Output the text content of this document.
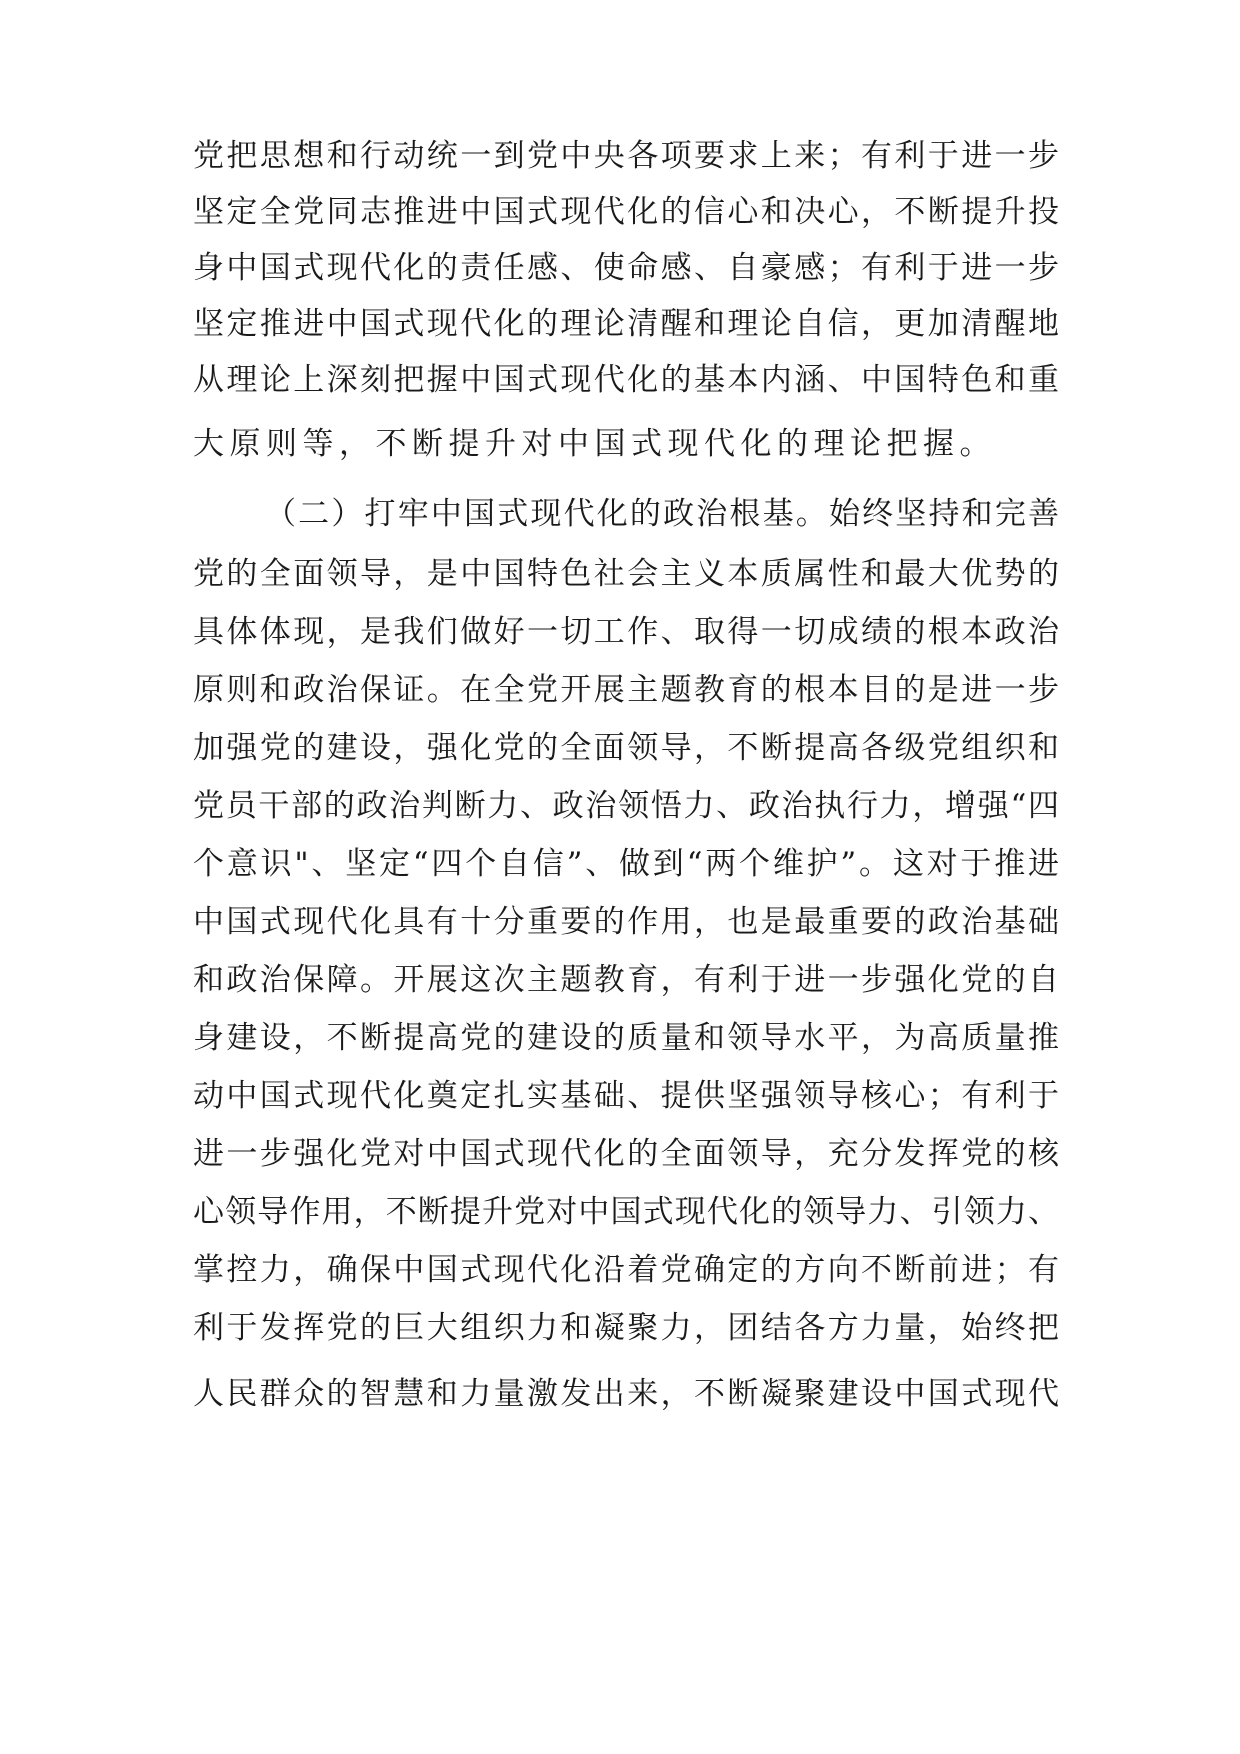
党把思想和行动统一到党中央各项要求上来；有利于进一步
坚定全党同志推进中国式现代化的信心和决心，不断提升投
身中国式现代化的责任感、使命感、自豪感；有利于进一步
坚定推进中国式现代化的理论清醒和理论自信，更加清醒地
从理论上深刻把握中国式现代化的基本内涵、中国特色和重
大原则等，不断提升对中国式现代化的理论把握。
（二）打牢中国式现代化的政治根基。始终坚持和完善
党的全面领导，是中国特色社会主义本质属性和最大优势的
具体体现，是我们做好一切工作、取得一切成绩的根本政治
原则和政治保证。在全党开展主题教育的根本目的是进一步
加强党的建设，强化党的全面领导，不断提高各级党组织和
党员干部的政治判断力、政治领悟力、政治执行力，增强“四
个意识"、坚定“四个自信”、做到“两个维护”。这对于推进
中国式现代化具有十分重要的作用，也是最重要的政治基础
和政治保障。开展这次主题教育，有利于进一步强化党的自
身建设，不断提高党的建设的质量和领导水平，为高质量推
动中国式现代化奠定扎实基础、提供坚强领导核心；有利于
进一步强化党对中国式现代化的全面领导，充分发挥党的核
心领导作用，不断提升党对中国式现代化的领导力、引领力、
掌控力，确保中国式现代化沿着党确定的方向不断前进；有
利于发挥党的巨大组织力和凝聚力，团结各方力量，始终把
人民群众的智慧和力量激发出来，不断凝聚建设中国式现代
